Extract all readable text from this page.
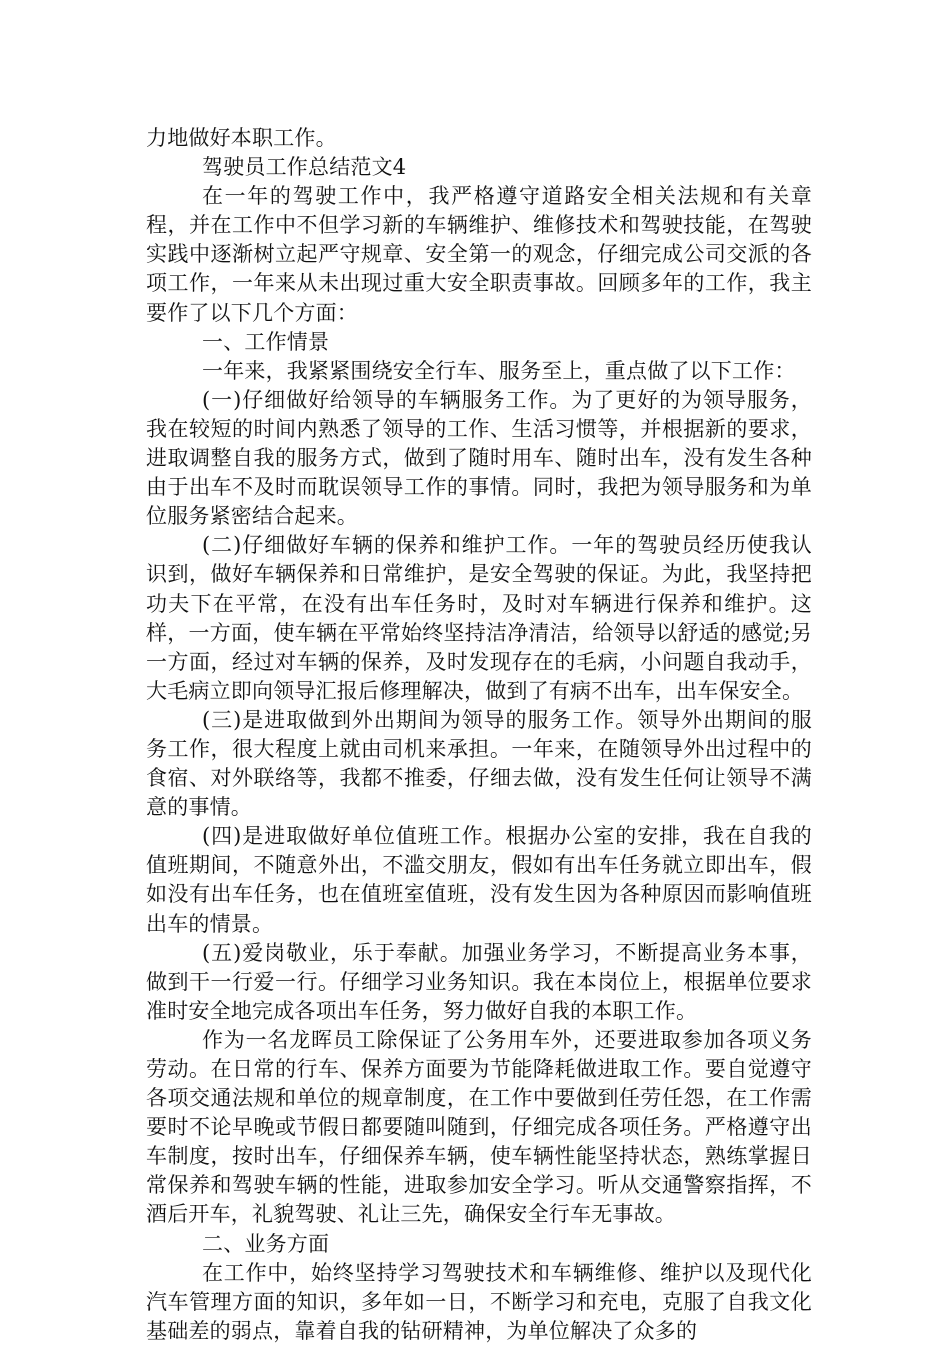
力地做好本职工作。

驾驶员工作总结范文4

在一年的驾驶工作中，我严格遵守道路安全相关法规和有关章程，并在工作中不但学习新的车辆维护、维修技术和驾驶技能，在驾驶实践中逐渐树立起严守规章、安全第一的观念，仔细完成公司交派的各项工作，一年来从未出现过重大安全职责事故。回顾多年的工作，我主要作了以下几个方面：

一、工作情景

一年来，我紧紧围绕安全行车、服务至上，重点做了以下工作：

(一)仔细做好给领导的车辆服务工作。为了更好的为领导服务，我在较短的时间内熟悉了领导的工作、生活习惯等，并根据新的要求，进取调整自我的服务方式，做到了随时用车、随时出车，没有发生各种由于出车不及时而耽误领导工作的事情。同时，我把为领导服务和为单位服务紧密结合起来。

(二)仔细做好车辆的保养和维护工作。一年的驾驶员经历使我认识到，做好车辆保养和日常维护，是安全驾驶的保证。为此，我坚持把功夫下在平常，在没有出车任务时，及时对车辆进行保养和维护。这样，一方面，使车辆在平常始终坚持洁净清洁，给领导以舒适的感觉;另一方面，经过对车辆的保养，及时发现存在的毛病，小问题自我动手，大毛病立即向领导汇报后修理解决，做到了有病不出车，出车保安全。

(三)是进取做到外出期间为领导的服务工作。领导外出期间的服务工作，很大程度上就由司机来承担。一年来，在随领导外出过程中的食宿、对外联络等，我都不推委，仔细去做，没有发生任何让领导不满意的事情。

(四)是进取做好单位值班工作。根据办公室的安排，我在自我的值班期间，不随意外出，不滥交朋友，假如有出车任务就立即出车，假如没有出车任务，也在值班室值班，没有发生因为各种原因而影响值班出车的情景。

(五)爱岗敬业，乐于奉献。加强业务学习，不断提高业务本事，做到干一行爱一行。仔细学习业务知识。我在本岗位上，根据单位要求准时安全地完成各项出车任务，努力做好自我的本职工作。

作为一名龙晖员工除保证了公务用车外，还要进取参加各项义务劳动。在日常的行车、保养方面要为节能降耗做进取工作。要自觉遵守各项交通法规和单位的规章制度，在工作中要做到任劳任怨，在工作需要时不论早晚或节假日都要随叫随到，仔细完成各项任务。严格遵守出车制度，按时出车，仔细保养车辆，使车辆性能坚持状态，熟练掌握日常保养和驾驶车辆的性能，进取参加安全学习。听从交通警察指挥，不酒后开车，礼貌驾驶、礼让三先，确保安全行车无事故。

二、业务方面

在工作中，始终坚持学习驾驶技术和车辆维修、维护以及现代化汽车管理方面的知识，多年如一日，不断学习和充电，克服了自我文化基础差的弱点，靠着自我的钻研精神，为单位解决了众多的
